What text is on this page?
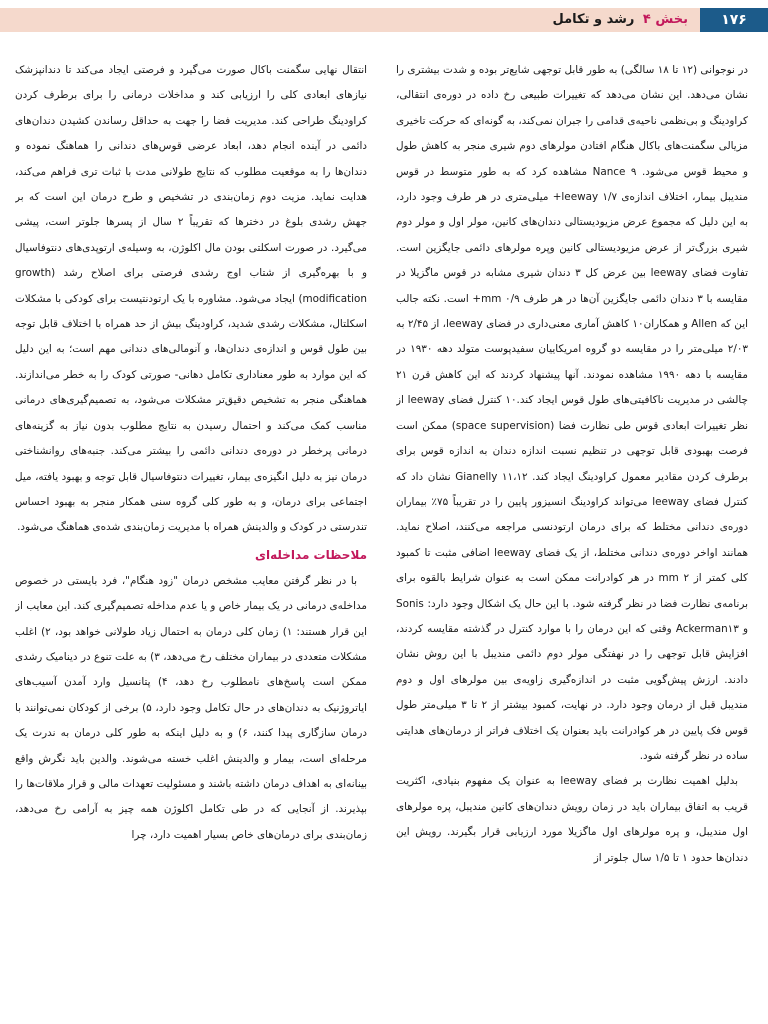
۱۷۶
بخش ۴ رشد و تکامل

در نوجوانی (۱۲ تا ۱۸ سالگی) به طور قابل توجهی شایع‌تر بوده و شدت بیشتری را نشان می‌دهد. این نشان می‌دهد که تغییرات طبیعی رخ داده در دوره‌ی انتقالی، کراودینگ و بی‌نظمی ناحیه‌ی قدامی را جبران نمی‌کند، به گونه‌ای که حرکت تاخیری مزیالی سگمنت‌های باکال هنگام افتادن مولرهای دوم شیری منجر به کاهش طول و محیط قوس می‌شود. Nance ۹ مشاهده کرد که به طور متوسط در قوس مندیبل بیمار، اختلاف اندازه‌ی leeway ۱/۷+ میلی‌متری در هر طرف وجود دارد، به این دلیل که مجموع عرض مزیودیستالی دندان‌های کانین، مولر اول و مولر دوم شیری بزرگ‌تر از عرض مزیودیستالی کانین وپره مولرهای دائمی جایگزین است. تفاوت فضای leeway بین عرض کل ۳ دندان شیری مشابه در قوس ماگزیلا در مقایسه با ۳ دندان دائمی جایگزین آن‌ها در هر طرف mm ۰/۹+ است. نکته جالب این که Allen و همکاران۱۰ کاهش آماری معنی‌داری در فضای leeway، از ۲/۴۵ به ۲/۰۳ میلی‌متر را در مقایسه دو گروه امریکاییان سفیدپوست متولد دهه ۱۹۳۰ در مقایسه با دهه ۱۹۹۰ مشاهده نمودند. آنها پیشنهاد کردند که این کاهش قرن ۲۱ چالشی در مدیریت ناکافیتی‌های طول قوس ایجاد کند.۱۰ کنترل فضای leeway از نظر تغییرات ابعادی قوس طی نظارت فضا (space supervision) ممکن است فرصت بهبودی قابل توجهی در تنظیم نسبت اندازه دندان به اندازه قوس برای برطرف کردن مقادیر معمول کراودینگ ایجاد کند. Gianelly ۱۱،۱۲ نشان داد که کنترل فضای leeway می‌تواند کراودینگ انسیزور پایین را در تقریباً ۷۵٪ بیماران دوره‌ی دندانی مختلط که برای درمان ارتودنسی مراجعه می‌کنند، اصلاح نماید. همانند اواخر دوره‌ی دندانی مختلط، از یک فضای leeway اضافی مثبت تا کمبود کلی کمتر از mm ۲ در هر کوادرانت ممکن است به عنوان شرایط بالقوه برای برنامه‌ی نظارت فضا در نظر گرفته شود. با این حال یک اشکال وجود دارد: Sonis و Ackerman۱۳ وقتی که این درمان را با موارد کنترل در گذشته مقایسه کردند، افزایش قابل توجهی را در نهفتگی مولر دوم دائمی مندیبل با این روش نشان دادند. ارزش پیش‌گویی مثبت در اندازه‌گیری زاویه‌ی بین مولرهای اول و دوم مندیبل قبل از درمان وجود دارد. در نهایت، کمبود بیشتر از ۲ تا ۳ میلی‌متر طول قوس فک پایین در هر کوادرانت باید بعنوان یک اختلاف فراتر از درمان‌های هدایتی ساده در نظر گرفته شود.

بدلیل اهمیت نظارت بر فضای leeway به عنوان یک مفهوم بنیادی، اکثریت قریب به اتفاق بیماران باید در زمان رویش دندان‌های کانین مندیبل، پره مولرهای اول مندیبل، و پره مولرهای اول ماگزیلا مورد ارزیابی قرار بگیرند. رویش این دندان‌ها حدود ۱ تا ۱/۵ سال جلوتر از

انتقال نهایی سگمنت باکال صورت می‌گیرد و فرصتی ایجاد می‌کند تا دندانپزشک نیازهای ابعادی کلی را ارزیابی کند و مداخلات درمانی را برای برطرف کردن کراودینگ طراحی کند. مدیریت فضا را جهت به حداقل رساندن کشیدن دندان‌های دائمی در آینده انجام دهد، ابعاد عرضی قوس‌های دندانی را هماهنگ نموده و دندان‌ها را به موقعیت مطلوب که نتایج طولانی مدت با ثبات تری فراهم می‌کند، هدایت نماید. مزیت دوم زمان‌بندی در تشخیص و طرح درمان این است که بر جهش رشدی بلوغ در دخترها که تقریباً ۲ سال از پسرها جلوتر است، پیشی می‌گیرد. در صورت اسکلتی بودن مال اکلوژن، به وسیله‌ی ارتوپدی‌های دنتوفاسیال و با بهره‌گیری از شتاب اوج رشدی فرصتی برای اصلاح رشد (growth modification) ایجاد می‌شود. مشاوره با یک ارتودنتیست برای کودکی با مشکلات اسکلتال، مشکلات رشدی شدید، کراودینگ بیش از حد همراه با اختلاف قابل توجه بین طول قوس و اندازه‌ی دندان‌ها، و آنومالی‌های دندانی مهم است؛ به این دلیل که این موارد به طور معناداری تکامل دهانی- صورتی کودک را به خطر می‌اندازند. هماهنگی منجر به تشخیص دقیق‌تر مشکلات می‌شود، به تصمیم‌گیری‌های درمانی مناسب کمک می‌کند و احتمال رسیدن به نتایج مطلوب بدون نیاز به گزینه‌های درمانی پرخطر در دوره‌ی دندانی دائمی را بیشتر می‌کند. جنبه‌های روانشناختی درمان نیز به دلیل انگیزه‌ی بیمار، تغییرات دنتوفاسیال قابل توجه و بهبود یافته، میل اجتماعی برای درمان، و به طور کلی گروه سنی همکار منجر به بهبود احساس تندرستی در کودک و والدینش همراه با مدیریت زمان‌بندی شده‌ی هماهنگ می‌شود.

ملاحظات مداخله‌ای

با در نظر گرفتن معایب مشخص درمان "زود هنگام"، فرد بایستی در خصوص مداخله‌ی درمانی در یک بیمار خاص و یا عدم مداخله تصمیم‌گیری کند. این معایب از این قرار هستند: ۱) زمان کلی درمان به احتمال زیاد طولانی خواهد بود، ۲) اغلب مشکلات متعددی در بیماران مختلف رخ می‌دهد، ۳) به علت تنوع در دینامیک رشدی ممکن است پاسخ‌های نامطلوب رخ دهد، ۴) پتانسیل وارد آمدن آسیب‌های ایاتروژنیک به دندان‌های در حال تکامل وجود دارد، ۵) برخی از کودکان نمی‌توانند با درمان سازگاری پیدا کنند، ۶) و به دلیل اینکه به طور کلی درمان به ندرت یک مرحله‌ای است، بیمار و والدینش اغلب خسته می‌شوند. والدین باید نگرش واقع بینانه‌ای به اهداف درمان داشته باشند و مسئولیت تعهدات مالی و قرار ملاقات‌ها را بپذیرند. از آنجایی که در طی تکامل اکلوژن همه چیز به آرامی رخ می‌دهد، زمان‌بندی برای درمان‌های خاص بسیار اهمیت دارد، چرا
